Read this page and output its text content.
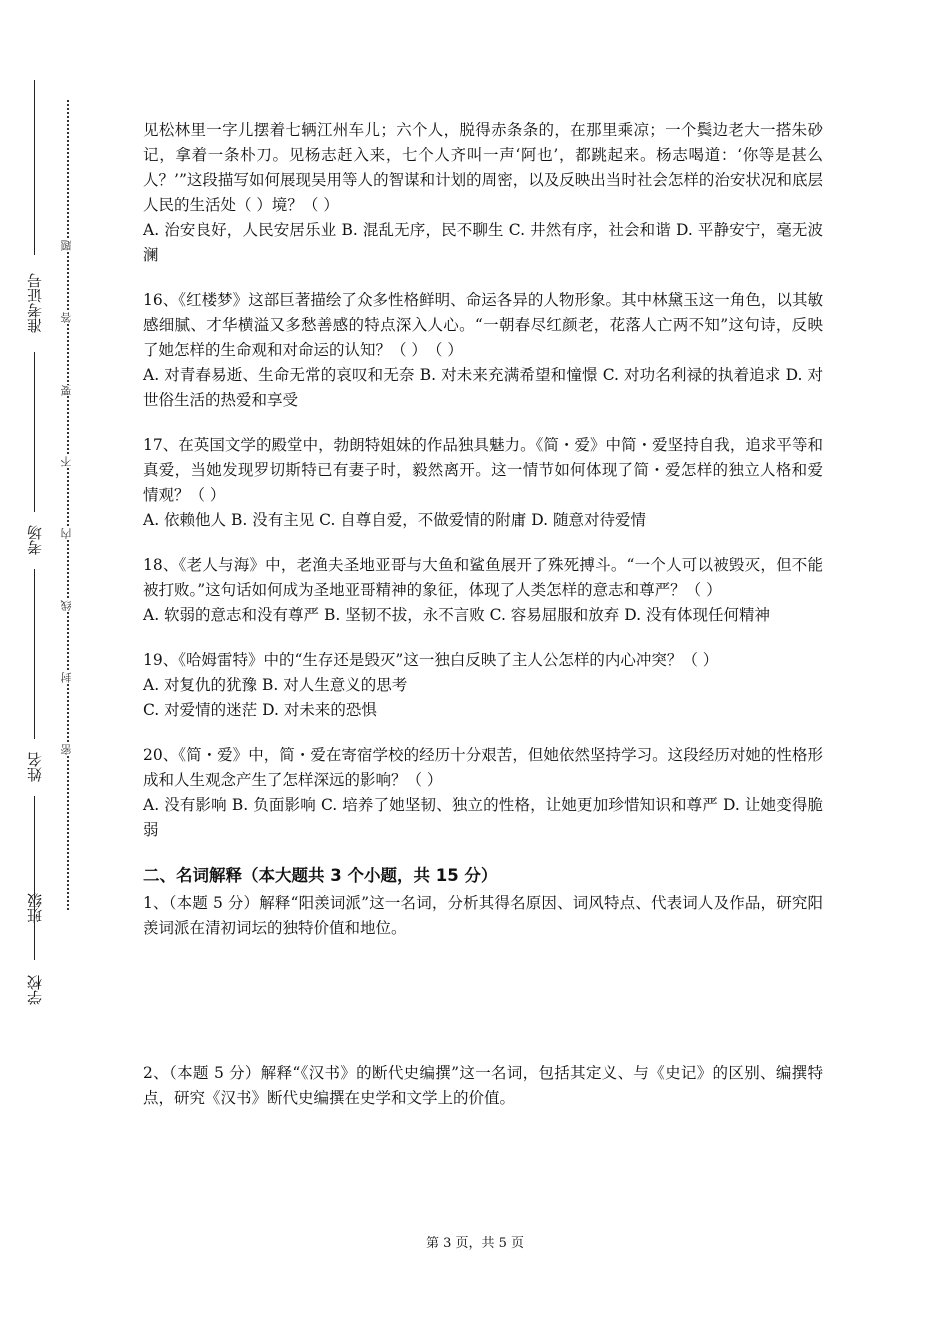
准考证号
考场
姓名
班级
学校
题
答
要
不
内
线
封
密

见松林里一字儿摆着七辆江州车儿；六个人，脱得赤条条的，在那里乘凉；一个鬓边老大一搭朱砂记，拿着一条朴刀。见杨志赶入来，七个人齐叫一声‘阿也’，都跳起来。杨志喝道：‘你等是甚么人？’”这段描写如何展现吴用等人的智谋和计划的周密，以及反映出当时社会怎样的治安状况和底层人民的生活处（ ）境？（ ）

A. 治安良好，人民安居乐业 B. 混乱无序，民不聊生 C. 井然有序，社会和谐 D. 平静安宁，毫无波澜

16、《红楼梦》这部巨著描绘了众多性格鲜明、命运各异的人物形象。其中林黛玉这一角色，以其敏感细腻、才华横溢又多愁善感的特点深入人心。“一朝春尽红颜老，花落人亡两不知”这句诗，反映了她怎样的生命观和对命运的认知？（ ）　（ ）

A. 对青春易逝、生命无常的哀叹和无奈 B. 对未来充满希望和憧憬 C. 对功名利禄的执着追求 D. 对世俗生活的热爱和享受

17、在英国文学的殿堂中，勃朗特姐妹的作品独具魅力。《简・爱》中简・爱坚持自我，追求平等和真爱，当她发现罗切斯特已有妻子时，毅然离开。这一情节如何体现了简・爱怎样的独立人格和爱情观？（ ）

A. 依赖他人 B. 没有主见 C. 自尊自爱，不做爱情的附庸 D. 随意对待爱情

18、《老人与海》中，老渔夫圣地亚哥与大鱼和鲨鱼展开了殊死搏斗。“一个人可以被毁灭，但不能被打败。”这句话如何成为圣地亚哥精神的象征，体现了人类怎样的意志和尊严？（ ）

A. 软弱的意志和没有尊严 B. 坚韧不拔，永不言败 C. 容易屈服和放弃 D. 没有体现任何精神

19、《哈姆雷特》中的“生存还是毁灭”这一独白反映了主人公怎样的内心冲突？（ ）

A. 对复仇的犹豫 B. 对人生意义的思考

C. 对爱情的迷茫 D. 对未来的恐惧

20、《简・爱》中，简・爱在寄宿学校的经历十分艰苦，但她依然坚持学习。这段经历对她的性格形成和人生观念产生了怎样深远的影响？（ ）

A. 没有影响 B. 负面影响 C. 培养了她坚韧、独立的性格，让她更加珍惜知识和尊严 D. 让她变得脆弱

二、名词解释（本大题共 3 个小题，共 15 分）

1、（本题 5 分）解释“阳羡词派”这一名词，分析其得名原因、词风特点、代表词人及作品，研究阳羡词派在清初词坛的独特价值和地位。

2、（本题 5 分）解释“《汉书》的断代史编撰”这一名词，包括其定义、与《史记》的区别、编撰特点，研究《汉书》断代史编撰在史学和文学上的价值。

第 3 页，共 5 页
